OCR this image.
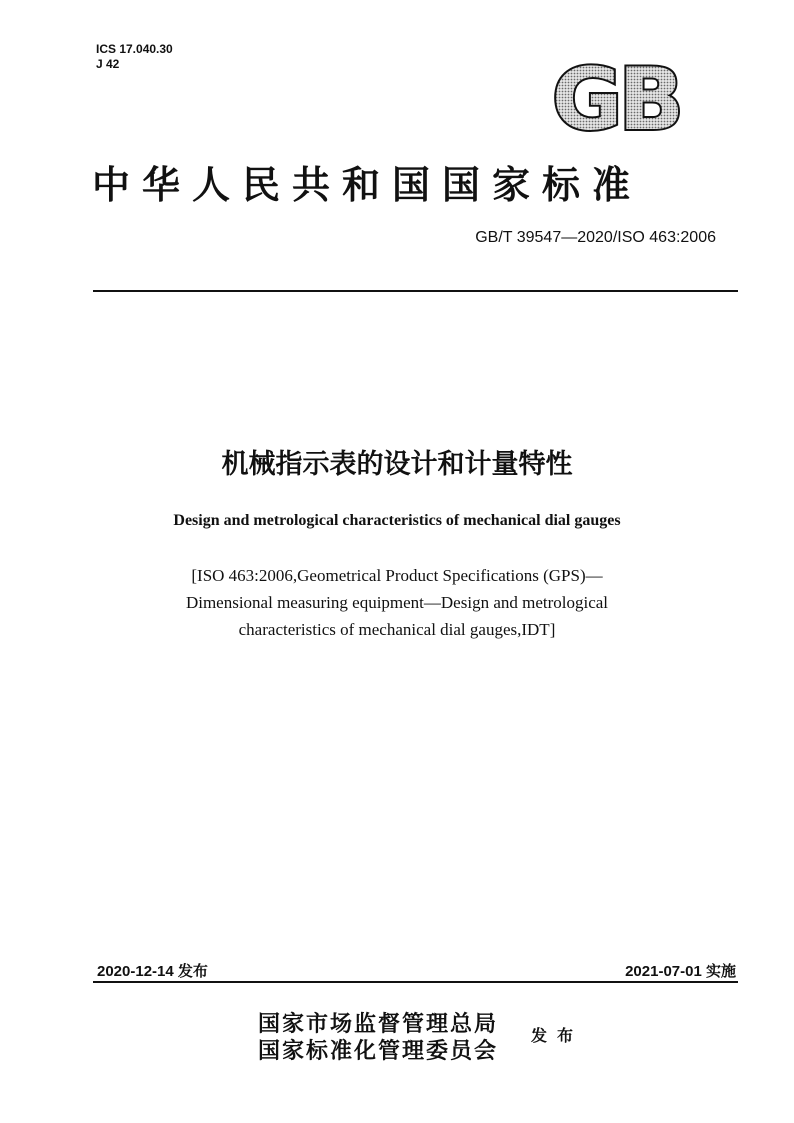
ICS 17.040.30
J 42	GB
中华人民共和国国家标准
GB/T 39547—2020/ISO 463:2006
机械指示表的设计和计量特性
Design and metrological characteristics of mechanical dial gauges
[ISO 463:2006,Geometrical Product Specifications (GPS)—
Dimensional measuring equipment—Design and metrological
characteristics of mechanical dial gauges,IDT]
2020-12-14 发布	2021-07-01 实施
国家市场监督管理总局
国家标准化管理委员会
发布
